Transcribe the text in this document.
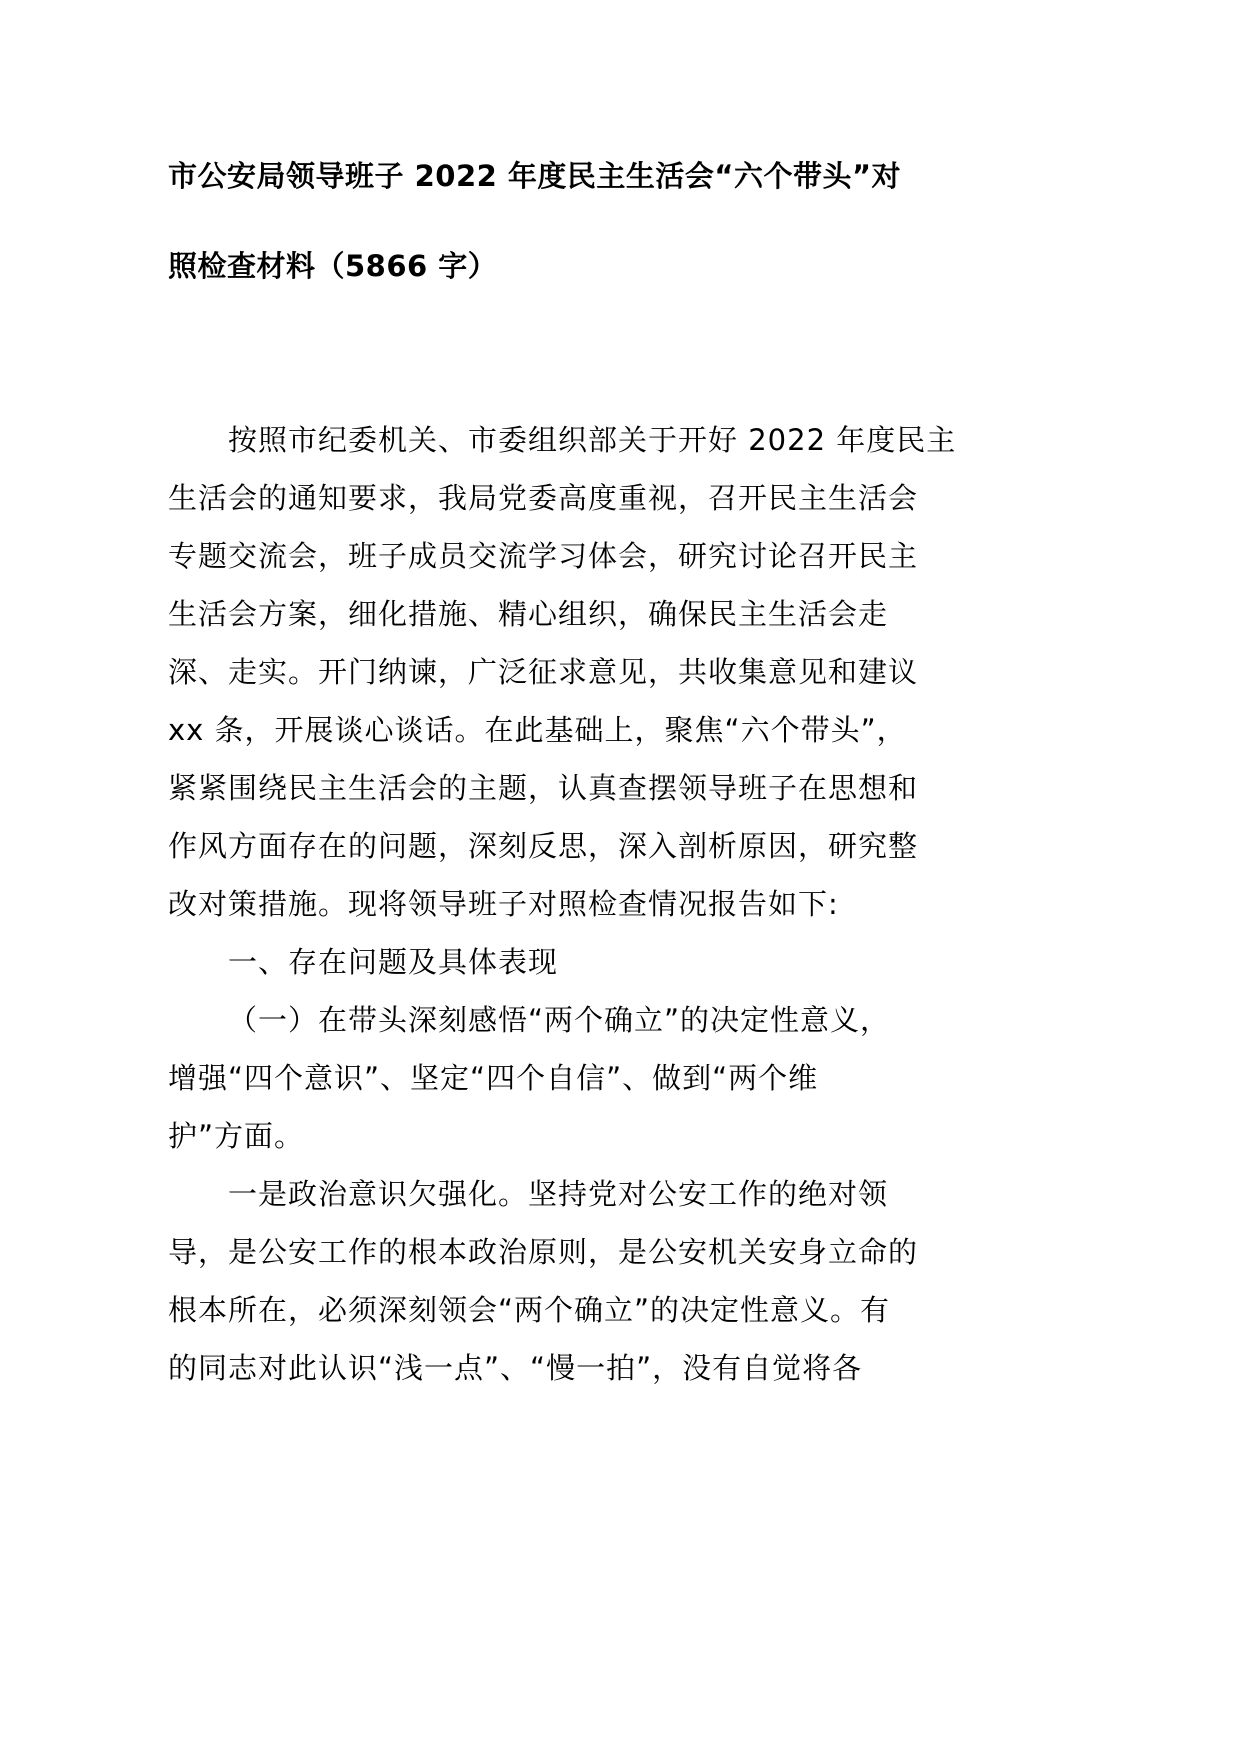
市公安局领导班子 2022 年度民主生活会“六个带头”对
照检查材料（5866 字）
按照市纪委机关、市委组织部关于开好 2022 年度民主
生活会的通知要求，我局党委高度重视，召开民主生活会
专题交流会，班子成员交流学习体会，研究讨论召开民主
生活会方案，细化措施、精心组织，确保民主生活会走
深、走实。开门纳谏，广泛征求意见，共收集意见和建议
xx 条，开展谈心谈话。在此基础上，聚焦“六个带头”，
紧紧围绕民主生活会的主题，认真查摆领导班子在思想和
作风方面存在的问题，深刻反思，深入剖析原因，研究整
改对策措施。现将领导班子对照检查情况报告如下:
一、存在问题及具体表现
（一）在带头深刻感悟“两个确立”的决定性意义，
增强“四个意识”、坚定“四个自信”、做到“两个维
护”方面。
一是政治意识欠强化。坚持党对公安工作的绝对领
导，是公安工作的根本政治原则，是公安机关安身立命的
根本所在，必须深刻领会“两个确立”的决定性意义。有
的同志对此认识“浅一点”、“慢一拍”，没有自觉将各
